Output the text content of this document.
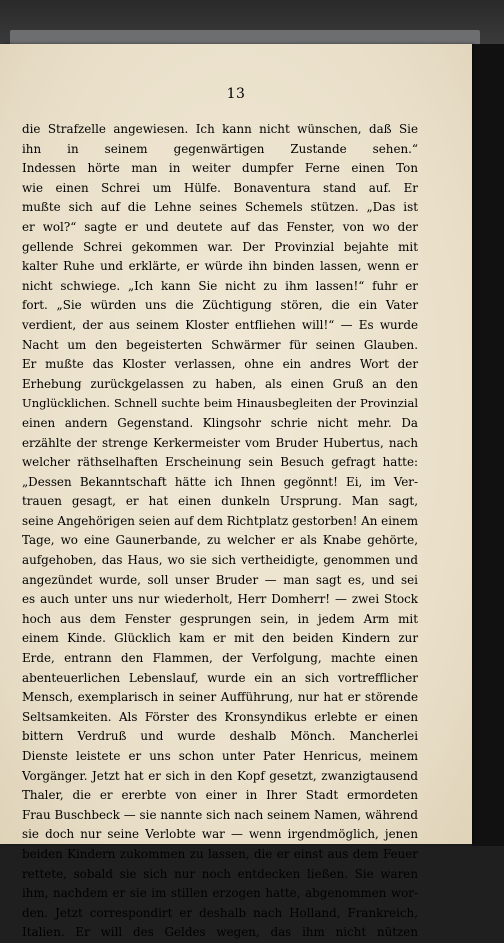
13
die Strafzelle angewiesen. Ich kann nicht wünschen, daß Sie
ihn in seinem gegenwärtigen Zustande sehen.“
Indessen hörte man in weiter dumpfer Ferne einen Ton
wie einen Schrei um Hülfe. Bonaventura stand auf. Er
mußte sich auf die Lehne seines Schemels stützen. „Das ist
er wol?“ sagte er und deutete auf das Fenster, von wo der
gellende Schrei gekommen war. Der Provinzial bejahte mit
kalter Ruhe und erklärte, er würde ihn binden lassen, wenn er
nicht schwiege. „Ich kann Sie nicht zu ihm lassen!“ fuhr er
fort. „Sie würden uns die Züchtigung stören, die ein Vater
verdient, der aus seinem Kloster entfliehen will!“ — Es wurde
Nacht um den begeisterten Schwärmer für seinen Glauben.
Er mußte das Kloster verlassen, ohne ein andres Wort der
Erhebung zurückgelassen zu haben, als einen Gruß an den
Unglücklichen. Schnell suchte beim Hinausbegleiten der Provinzial
einen andern Gegenstand. Klingsohr schrie nicht mehr. Da
erzählte der strenge Kerkermeister vom Bruder Hubertus, nach
welcher räthselhaften Erscheinung sein Besuch gefragt hatte:
„Dessen Bekanntschaft hätte ich Ihnen gegönnt! Ei, im Ver-
trauen gesagt, er hat einen dunkeln Ursprung. Man sagt,
seine Angehörigen seien auf dem Richtplatz gestorben! An einem
Tage, wo eine Gaunerbande, zu welcher er als Knabe gehörte,
aufgehoben, das Haus, wo sie sich vertheidigte, genommen und
angezündet wurde, soll unser Bruder — man sagt es, und sei
es auch unter uns nur wiederholt, Herr Domherr! — zwei Stock
hoch aus dem Fenster gesprungen sein, in jedem Arm mit
einem Kinde. Glücklich kam er mit den beiden Kindern zur
Erde, entrann den Flammen, der Verfolgung, machte einen
abenteuerlichen Lebenslauf, wurde ein an sich vortrefflicher
Mensch, exemplarisch in seiner Aufführung, nur hat er störende
Seltsamkeiten. Als Förster des Kronsyndikus erlebte er einen
bittern Verdruß und wurde deshalb Mönch. Mancherlei
Dienste leistete er uns schon unter Pater Henricus, meinem
Vorgänger. Jetzt hat er sich in den Kopf gesetzt, zwanzigtausend
Thaler, die er ererbte von einer in Ihrer Stadt ermordeten
Frau Buschbeck — sie nannte sich nach seinem Namen, während
sie doch nur seine Verlobte war — wenn irgendmöglich, jenen
beiden Kindern zukommen zu lassen, die er einst aus dem Feuer
rettete, sobald sie sich nur noch entdecken ließen. Sie waren
ihm, nachdem er sie im stillen erzogen hatte, abgenommen wor-
den. Jetzt correspondirt er deshalb nach Holland, Frankreich,
Italien. Er will des Geldes wegen, das ihm nicht nützen
